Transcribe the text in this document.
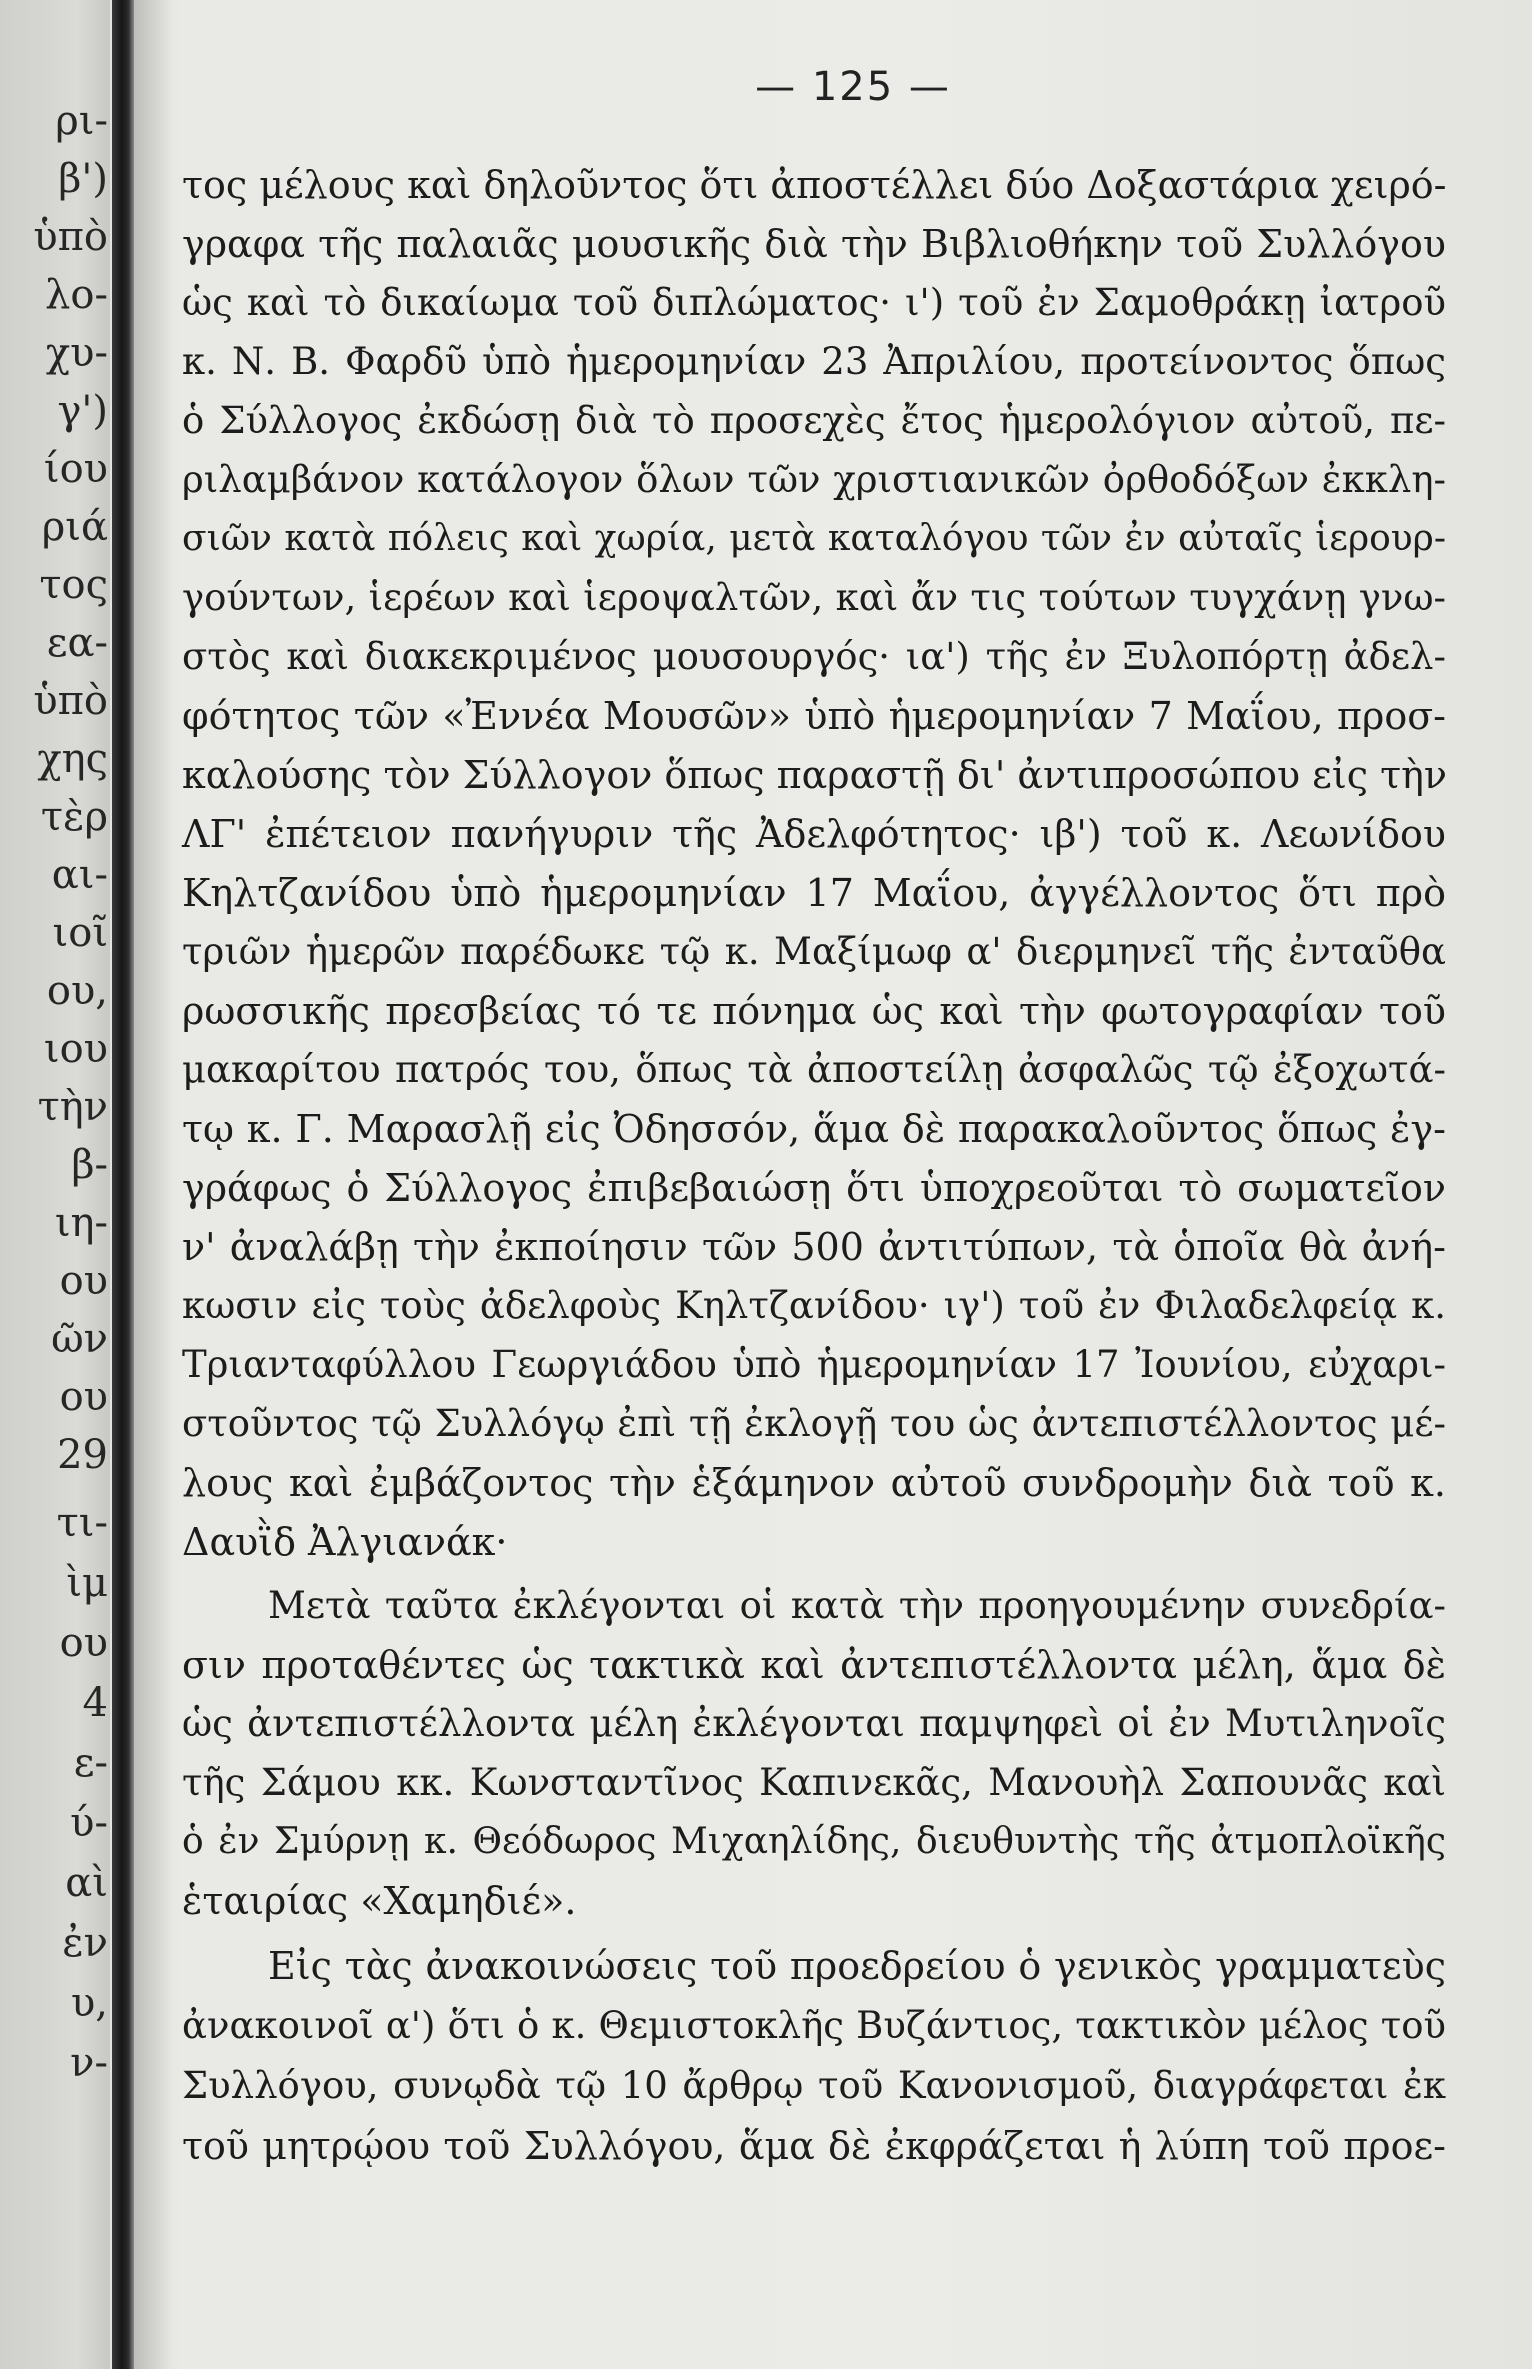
ρι-
β')
ὑπὸ
λο-
χυ-
γ')
ίου
ριά
τος
εα-
ὑπὸ
χης
τὲρ
αι-
ιοῖ
ου,
ιου
τὴν
β-
ιη-
ου
ῶν
ου
29
τι-
ὶμ
ου
4
ε-
ύ-
αὶ
ἐν
υ,
ν-
— 125 —
τος μέλους καὶ δηλοῦντος ὅτι ἀποστέλλει δύο Δοξαστάρια χειρό-
γραφα τῆς παλαιᾶς μουσικῆς διὰ τὴν Βιβλιοθήκην τοῦ Συλλόγου
ὡς καὶ τὸ δικαίωμα τοῦ διπλώματος· ι') τοῦ ἐν Σαμοθράκῃ ἰατροῦ
κ. Ν. Β. Φαρδῦ ὑπὸ ἡμερομηνίαν 23 Ἀπριλίου, προτείνοντος ὅπως
ὁ Σύλλογος ἐκδώσῃ διὰ τὸ προσεχὲς ἔτος ἡμερολόγιον αὐτοῦ, πε-
ριλαμβάνον κατάλογον ὅλων τῶν χριστιανικῶν ὀρθοδόξων ἐκκλη-
σιῶν κατὰ πόλεις καὶ χωρία, μετὰ καταλόγου τῶν ἐν αὐταῖς ἱερουρ-
γούντων, ἱερέων καὶ ἱεροψαλτῶν, καὶ ἄν τις τούτων τυγχάνῃ γνω-
στὸς καὶ διακεκριμένος μουσουργός· ια') τῆς ἐν Ξυλοπόρτῃ ἀδελ-
φότητος τῶν «Ἐννέα Μουσῶν» ὑπὸ ἡμερομηνίαν 7 Μαΐου, προσ-
καλούσης τὸν Σύλλογον ὅπως παραστῇ δι' ἀντιπροσώπου εἰς τὴν
ΛΓ' ἐπέτειον πανήγυριν τῆς Ἀδελφότητος· ιβ') τοῦ κ. Λεωνίδου
Κηλτζανίδου ὑπὸ ἡμερομηνίαν 17 Μαΐου, ἀγγέλλοντος ὅτι πρὸ
τριῶν ἡμερῶν παρέδωκε τῷ κ. Μαξίμωφ α' διερμηνεῖ τῆς ἐνταῦθα
ρωσσικῆς πρεσβείας τό τε πόνημα ὡς καὶ τὴν φωτογραφίαν τοῦ
μακαρίτου πατρός του, ὅπως τὰ ἀποστείλῃ ἀσφαλῶς τῷ ἐξοχωτά-
τῳ κ. Γ. Μαρασλῇ εἰς Ὀδησσόν, ἅμα δὲ παρακαλοῦντος ὅπως ἐγ-
γράφως ὁ Σύλλογος ἐπιβεβαιώσῃ ὅτι ὑποχρεοῦται τὸ σωματεῖον
ν' ἀναλάβῃ τὴν ἐκποίησιν τῶν 500 ἀντιτύπων, τὰ ὁποῖα θὰ ἀνή-
κωσιν εἰς τοὺς ἀδελφοὺς Κηλτζανίδου· ιγ') τοῦ ἐν Φιλαδελφείᾳ κ.
Τριανταφύλλου Γεωργιάδου ὑπὸ ἡμερομηνίαν 17 Ἰουνίου, εὐχαρι-
στοῦντος τῷ Συλλόγῳ ἐπὶ τῇ ἐκλογῇ του ὡς ἀντεπιστέλλοντος μέ-
λους καὶ ἐμβάζοντος τὴν ἑξάμηνον αὐτοῦ συνδρομὴν διὰ τοῦ κ.
Δαυῒδ Ἀλγιανάκ·
Μετὰ ταῦτα ἐκλέγονται οἱ κατὰ τὴν προηγουμένην συνεδρία-
σιν προταθέντες ὡς τακτικὰ καὶ ἀντεπιστέλλοντα μέλη, ἅμα δὲ
ὡς ἀντεπιστέλλοντα μέλη ἐκλέγονται παμψηφεὶ οἱ ἐν Μυτιληνοῖς
τῆς Σάμου κκ. Κωνσταντῖνος Καπινεκᾶς, Μανουὴλ Σαπουνᾶς καὶ
ὁ ἐν Σμύρνῃ κ. Θεόδωρος Μιχαηλίδης, διευθυντὴς τῆς ἀτμοπλοϊκῆς
ἑταιρίας «Χαμηδιέ».
Εἰς τὰς ἀνακοινώσεις τοῦ προεδρείου ὁ γενικὸς γραμματεὺς
ἀνακοινοῖ α') ὅτι ὁ κ. Θεμιστοκλῆς Βυζάντιος, τακτικὸν μέλος τοῦ
Συλλόγου, συνῳδὰ τῷ 10 ἄρθρῳ τοῦ Κανονισμοῦ, διαγράφεται ἐκ
τοῦ μητρῴου τοῦ Συλλόγου, ἅμα δὲ ἐκφράζεται ἡ λύπη τοῦ προε-
